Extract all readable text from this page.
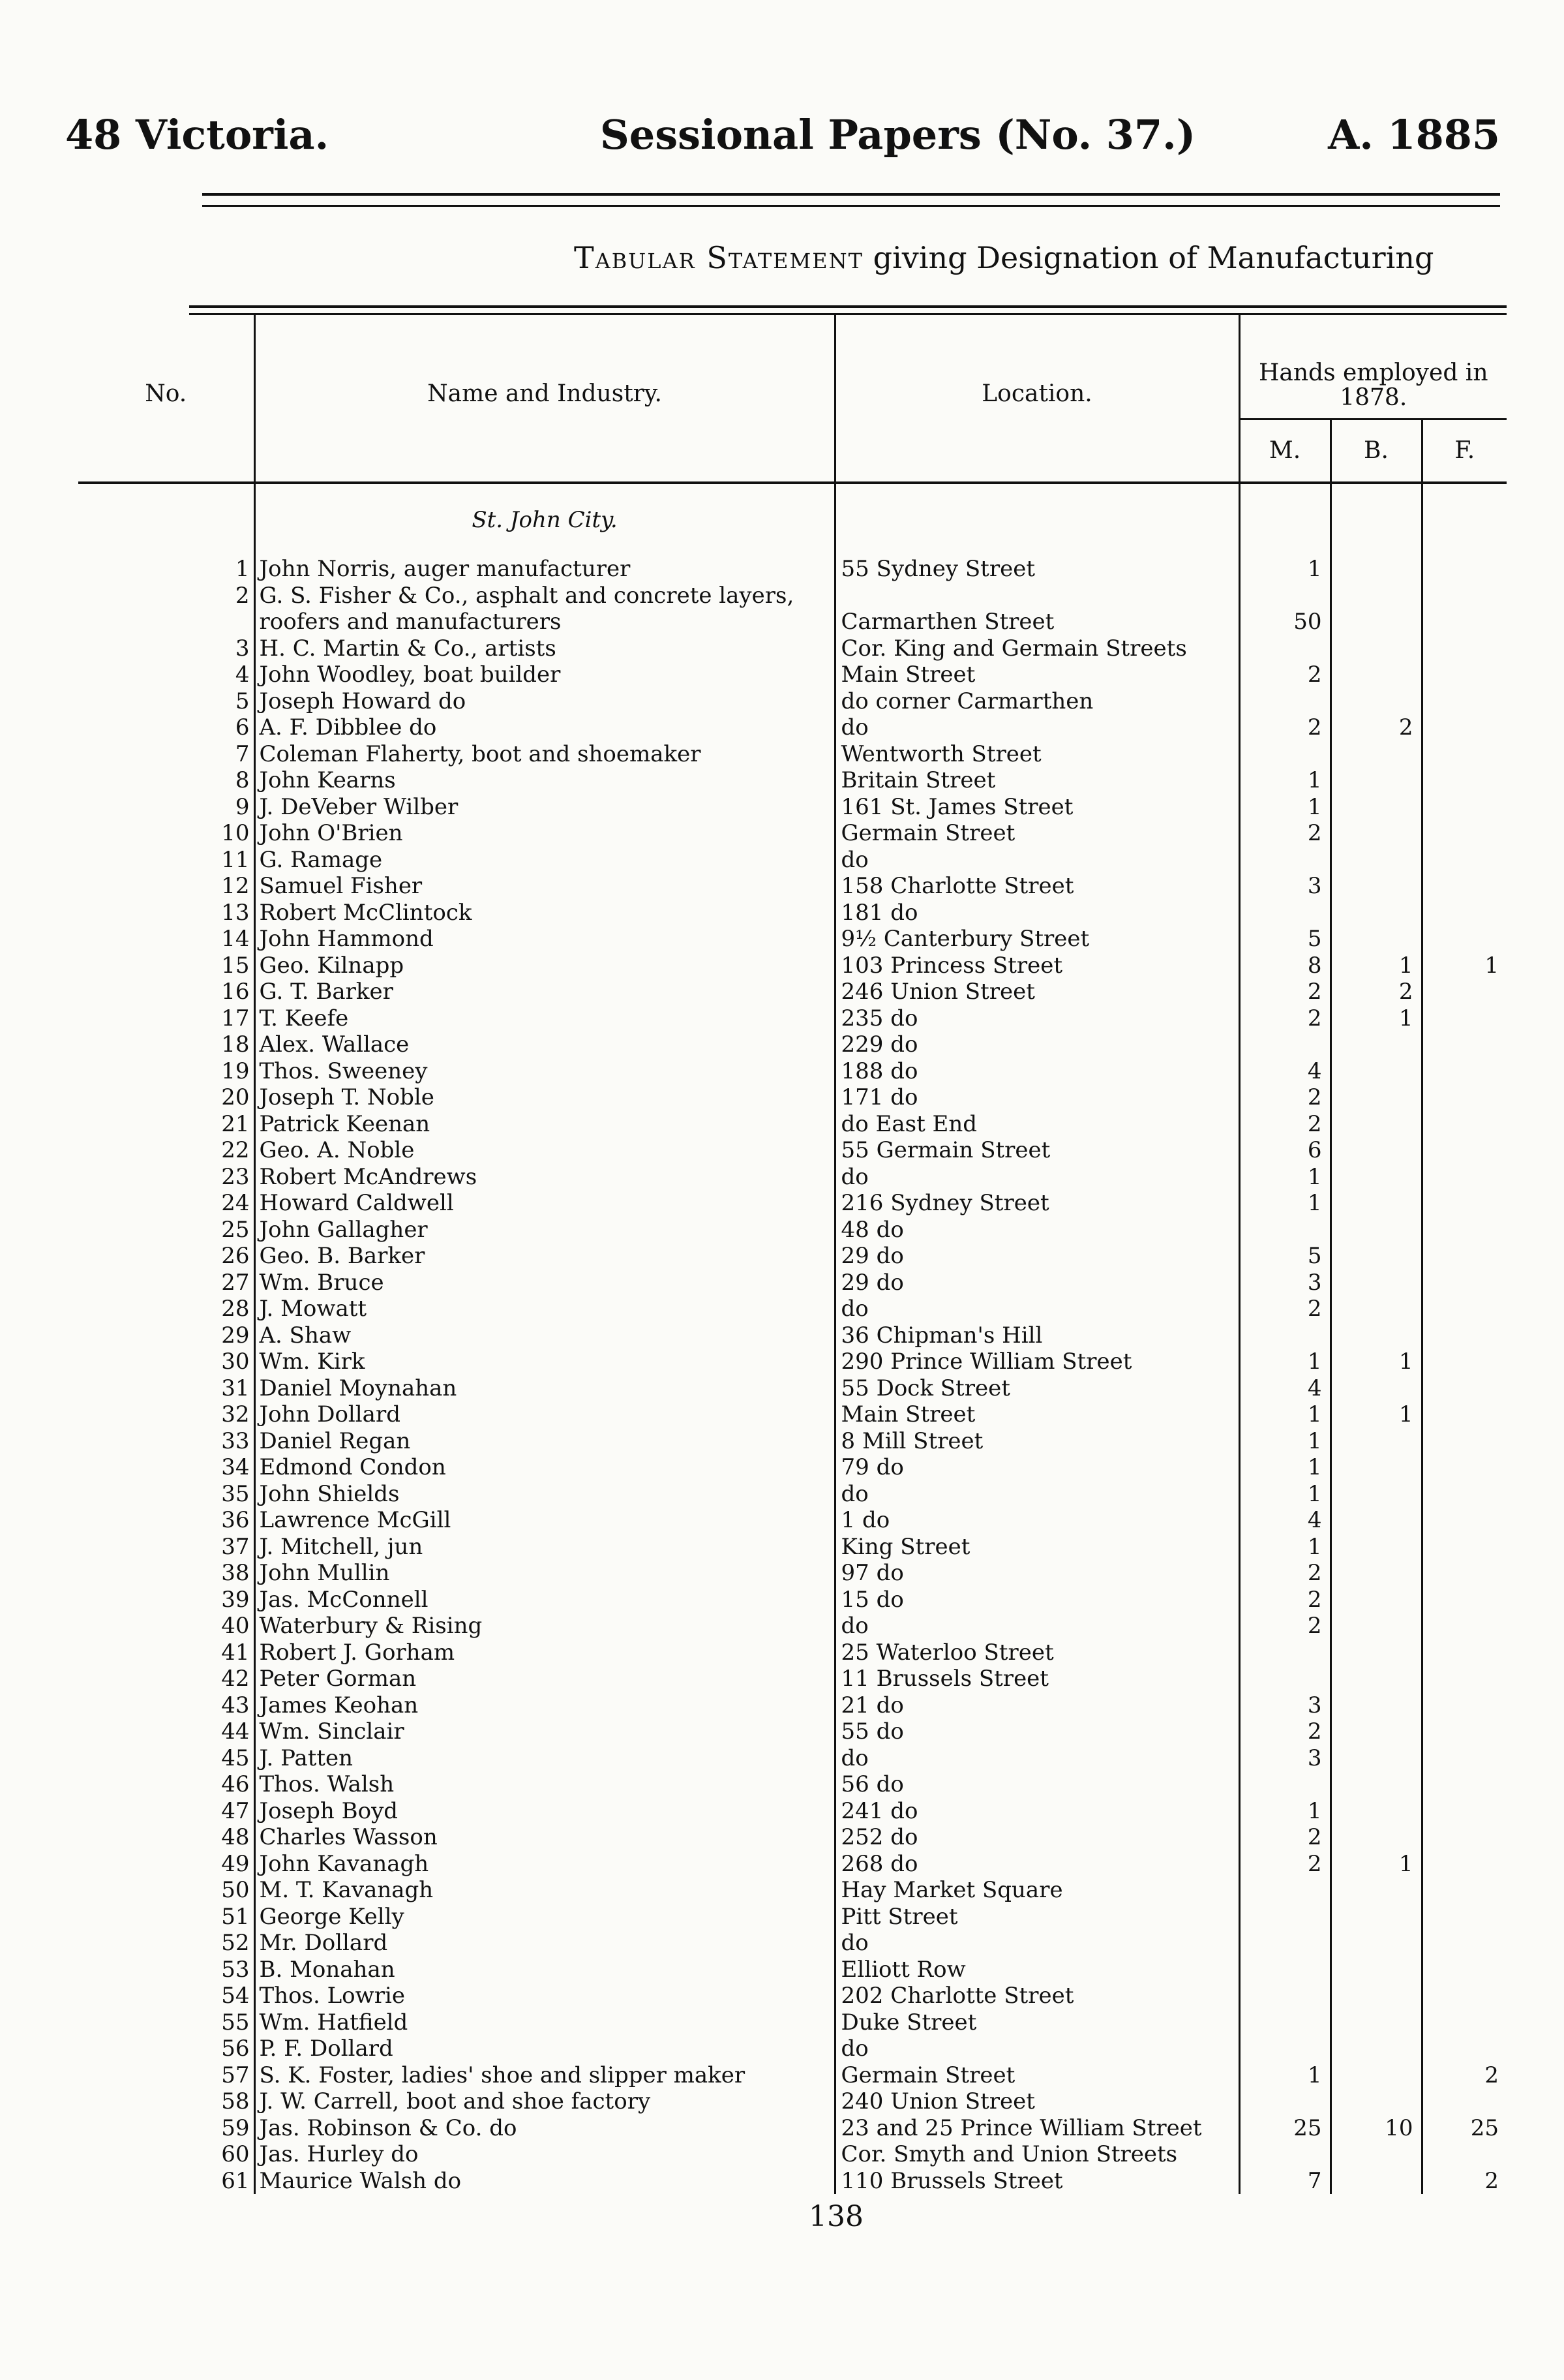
48 Victoria.	Sessional Papers (No. 37.)	A. 1885
Tabular Statement giving Designation of Manufacturing
No.	Name and Industry.	Location.	Hands employed in 1878.		
			M.	B.	F.
	St. John City.				
1	John Norris, auger manufacturer	55 Sydney Street	1		
2	G. S. Fisher & Co., asphalt and concrete layers,				
	roofers and manufacturers	Carmarthen Street	50		
3	H. C. Martin & Co., artists	Cor. King and Germain Streets			
4	John Woodley, boat builder	Main Street	2		
5	Joseph Howard do	do corner Carmarthen			
6	A. F. Dibblee do	do	2	2	
7	Coleman Flaherty, boot and shoemaker	Wentworth Street			
8	John Kearns	Britain Street	1		
9	J. DeVeber Wilber	161 St. James Street	1		
10	John O'Brien	Germain Street	2		
11	G. Ramage	do			
12	Samuel Fisher	158 Charlotte Street	3		
13	Robert McClintock	181 do			
14	John Hammond	9½ Canterbury Street	5		
15	Geo. Kilnapp	103 Princess Street	8	1	1
16	G. T. Barker	246 Union Street	2	2	
17	T. Keefe	235 do	2	1	
18	Alex. Wallace	229 do			
19	Thos. Sweeney	188 do	4		
20	Joseph T. Noble	171 do	2		
21	Patrick Keenan	do East End	2		
22	Geo. A. Noble	55 Germain Street	6		
23	Robert McAndrews	do	1		
24	Howard Caldwell	216 Sydney Street	1		
25	John Gallagher	48 do			
26	Geo. B. Barker	29 do	5		
27	Wm. Bruce	29 do	3		
28	J. Mowatt	do	2		
29	A. Shaw	36 Chipman's Hill			
30	Wm. Kirk	290 Prince William Street	1	1	
31	Daniel Moynahan	55 Dock Street	4		
32	John Dollard	Main Street	1	1	
33	Daniel Regan	8 Mill Street	1		
34	Edmond Condon	79 do	1		
35	John Shields	do	1		
36	Lawrence McGill	1 do	4		
37	J. Mitchell, jun	King Street	1		
38	John Mullin	97 do	2		
39	Jas. McConnell	15 do	2		
40	Waterbury & Rising	do	2		
41	Robert J. Gorham	25 Waterloo Street			
42	Peter Gorman	11 Brussels Street			
43	James Keohan	21 do	3		
44	Wm. Sinclair	55 do	2		
45	J. Patten	do	3		
46	Thos. Walsh	56 do			
47	Joseph Boyd	241 do	1		
48	Charles Wasson	252 do	2		
49	John Kavanagh	268 do	2	1	
50	M. T. Kavanagh	Hay Market Square			
51	George Kelly	Pitt Street			
52	Mr. Dollard	do			
53	B. Monahan	Elliott Row			
54	Thos. Lowrie	202 Charlotte Street			
55	Wm. Hatfield	Duke Street			
56	P. F. Dollard	do			
57	S. K. Foster, ladies' shoe and slipper maker	Germain Street	1		2
58	J. W. Carrell, boot and shoe factory	240 Union Street			
59	Jas. Robinson & Co. do	23 and 25 Prince William Street	25	10	25
60	Jas. Hurley do	Cor. Smyth and Union Streets			
61	Maurice Walsh do	110 Brussels Street	7		2
138
